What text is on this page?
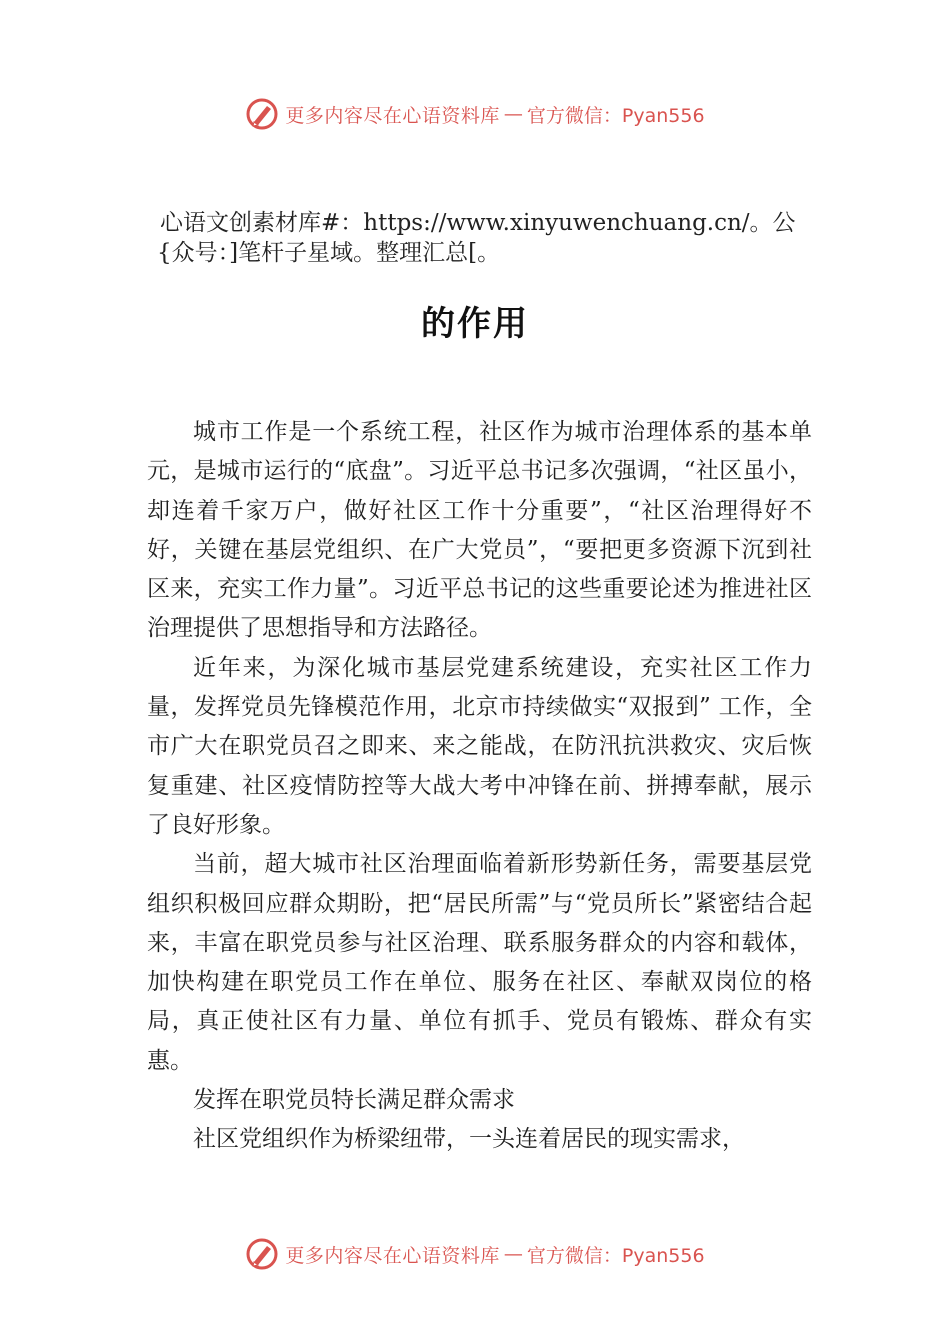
更多内容尽在心语资料库 — 官方微信：Pyan556
心语文创素材库#：https://www.xinyuwenchuang.cn/。公
{众号：]笔杆子星域。整理汇总[。
的作用

城市工作是一个系统工程，社区作为城市治理体系的基本单元，是城市运行的“底盘”。习近平总书记多次强调，“社区虽小，却连着千家万户，做好社区工作十分重要”，“社区治理得好不好，关键在基层党组织、在广大党员”，“要把更多资源下沉到社区来，充实工作力量”。习近平总书记的这些重要论述为推进社区治理提供了思想指导和方法路径。

近年来，为深化城市基层党建系统建设，充实社区工作力量，发挥党员先锋模范作用，北京市持续做实“双报到” 工作，全市广大在职党员召之即来、来之能战，在防汛抗洪救灾、灾后恢复重建、社区疫情防控等大战大考中冲锋在前、拼搏奉献，展示了良好形象。

当前，超大城市社区治理面临着新形势新任务，需要基层党组织积极回应群众期盼，把“居民所需”与“党员所长”紧密结合起来，丰富在职党员参与社区治理、联系服务群众的内容和载体，加快构建在职党员工作在单位、服务在社区、奉献双岗位的格局，真正使社区有力量、单位有抓手、党员有锻炼、群众有实惠。

发挥在职党员特长满足群众需求

社区党组织作为桥梁纽带，一头连着居民的现实需求，

更多内容尽在心语资料库 — 官方微信：Pyan556
